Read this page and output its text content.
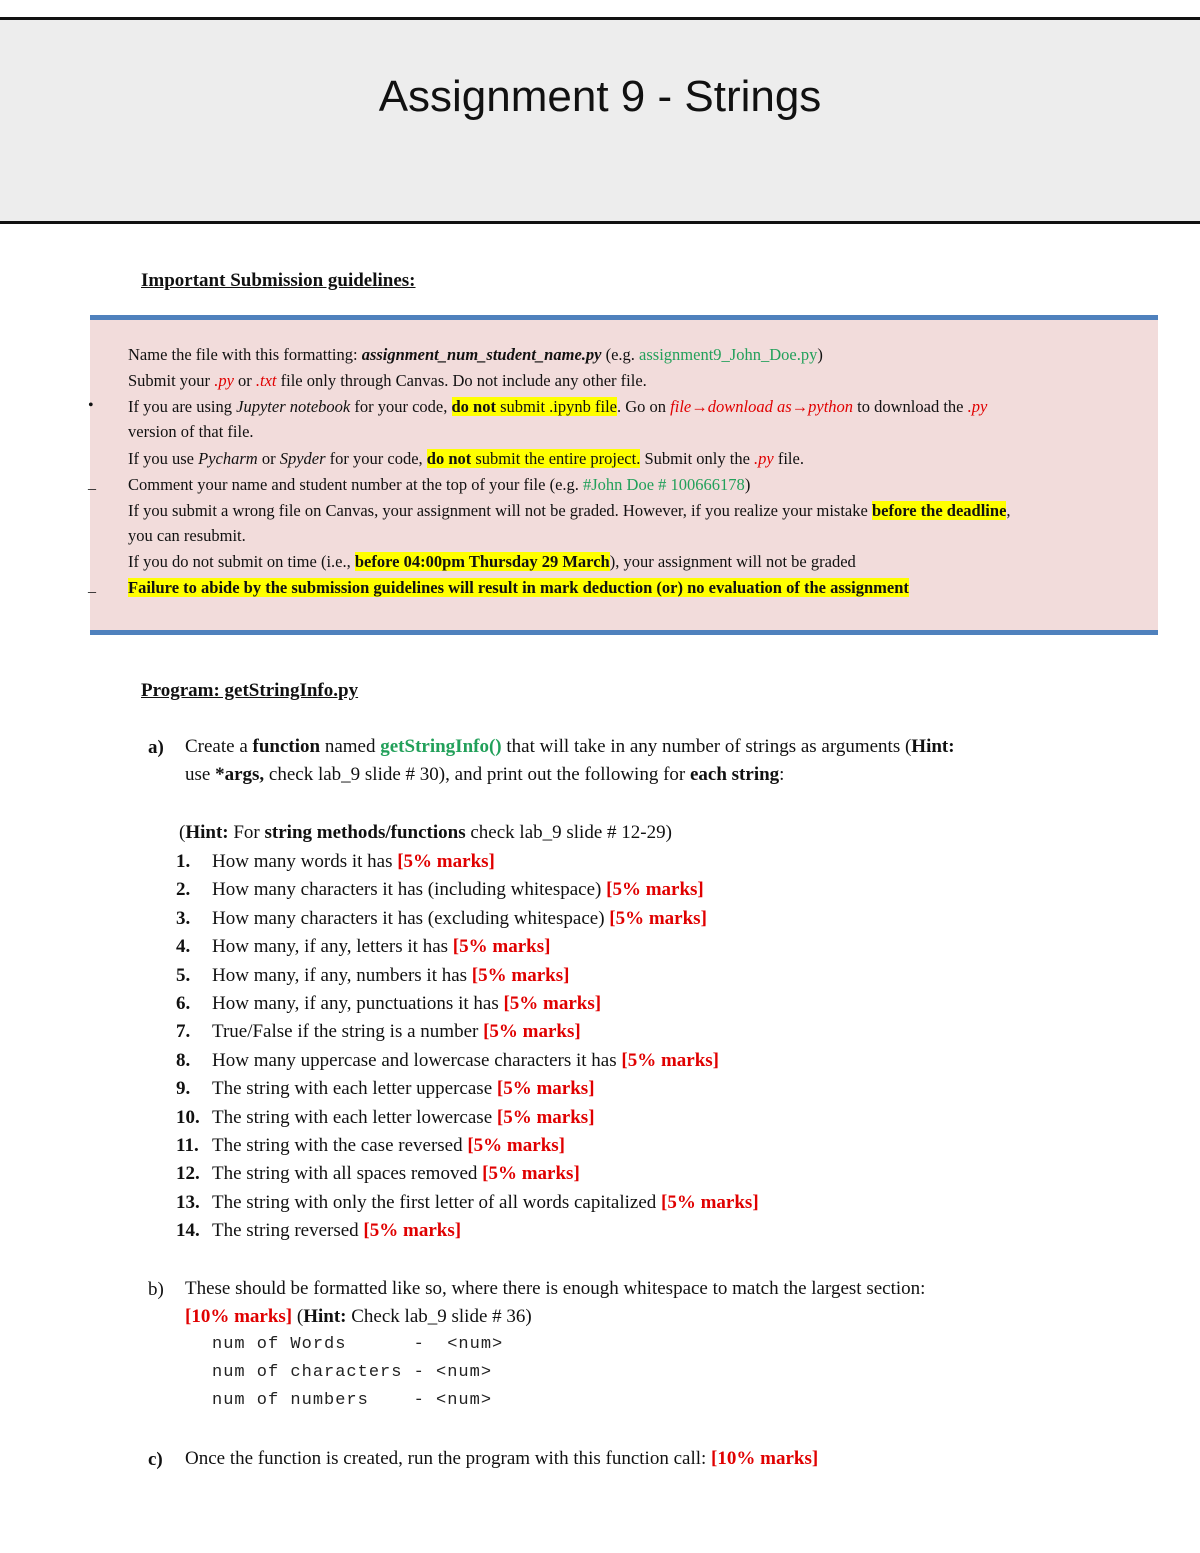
Assignment 9 - Strings
Important Submission guidelines:
Name the file with this formatting: assignment_num_student_name.py (e.g. assignment9_John_Doe.py)
Submit your .py or .txt file only through Canvas. Do not include any other file.
• If you are using Jupyter notebook for your code, do not submit .ipynb file. Go on file→download as→python to download the .py
version of that file.
If you use Pycharm or Spyder for your code, do not submit the entire project. Submit only the .py file.
_ Comment your name and student number at the top of your file (e.g. #John Doe # 100666178)
If you submit a wrong file on Canvas, your assignment will not be graded. However, if you realize your mistake before the deadline,
you can resubmit.
If you do not submit on time (i.e., before 04:00pm Thursday 29 March), your assignment will not be graded
_ Failure to abide by the submission guidelines will result in mark deduction (or) no evaluation of the assignment
Program: getStringInfo.py
a) Create a function named getStringInfo() that will take in any number of strings as arguments (Hint:
use *args, check lab_9 slide # 30), and print out the following for each string:
(Hint: For string methods/functions check lab_9 slide # 12-29)
1. How many words it has [5% marks]
2. How many characters it has (including whitespace) [5% marks]
3. How many characters it has (excluding whitespace) [5% marks]
4. How many, if any, letters it has [5% marks]
5. How many, if any, numbers it has [5% marks]
6. How many, if any, punctuations it has [5% marks]
7. True/False if the string is a number [5% marks]
8. How many uppercase and lowercase characters it has [5% marks]
9. The string with each letter uppercase [5% marks]
10. The string with each letter lowercase [5% marks]
11. The string with the case reversed [5% marks]
12. The string with all spaces removed [5% marks]
13. The string with only the first letter of all words capitalized [5% marks]
14. The string reversed [5% marks]
b) These should be formatted like so, where there is enough whitespace to match the largest section:
[10% marks] (Hint: Check lab_9 slide # 36)
num of Words      -  <num>
num of characters - <num>
num of numbers    - <num>
c) Once the function is created, run the program with this function call: [10% marks]
